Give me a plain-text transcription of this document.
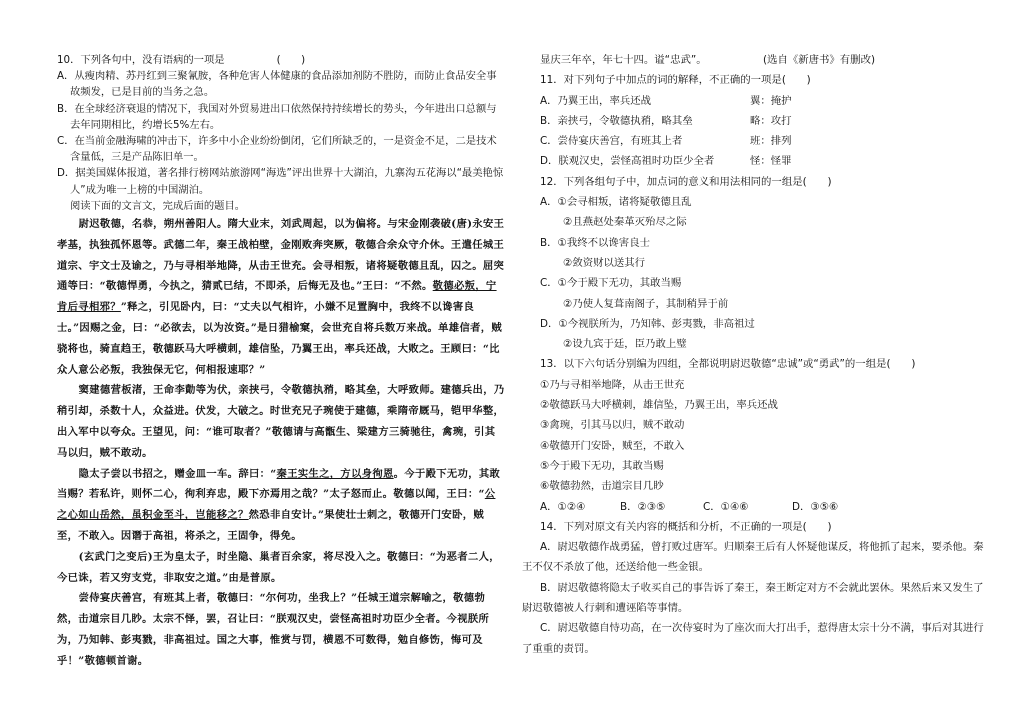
10．下列各句中，没有语病的一项是	(　　)
A．从瘦肉精、苏丹红到三聚氰胺，各种危害人体健康的食品添加剂防不胜防，而防止食品安全事故频发，已是目前的当务之急。
B．在全球经济衰退的情况下，我国对外贸易进出口依然保持持续增长的势头，今年进出口总额与去年同期相比，约增长5%左右。
C．在当前金融海啸的冲击下，许多中小企业纷纷倒闭，它们所缺乏的，一是资金不足，二是技术含量低，三是产品陈旧单一。
D．据美国媒体报道，著名排行榜网站旅游网“海选”评出世界十大湖泊，九寨沟五花海以“最美艳惊人”成为唯一上榜的中国湖泊。
阅读下面的文言文，完成后面的题目。

尉迟敬德，名恭，朔州善阳人。隋大业末，刘武周起，以为偏将。与宋金刚袭破(唐)永安王孝基，执独孤怀恩等。武德二年，秦王战柏壁，金刚败奔突厥，敬德合余众守介休。王遣任城王道宗、宇文士及谕之，乃与寻相举地降，从击王世充。会寻相叛，诸将疑敬德且乱，囚之。屈突通等曰：“敬德悍勇，今执之，猜贰已结，不即杀，后悔无及也。”王曰：“不然。敬德必叛，宁肯后寻相邪？”释之，引见卧内，曰：“丈夫以气相许，小嫌不足置胸中，我终不以谗害良士。”因赐之金，曰：“必欲去，以为汝资。”是日猎榆窠，会世充自将兵数万来战。单雄信者，贼骁将也，骑直趋王，敬德跃马大呼横刺，雄信坠，乃翼王出，率兵还战，大败之。王顾曰：“比众人意公必叛，我独保无它，何相报速耶？”

窦建德营板渚，王命李勣等为伏，亲挟弓，令敬德执矟，略其垒，大呼致师。建德兵出，乃稍引却，杀数十人，众益进。伏发，大破之。时世充兄子琬使于建德，乘隋帝厩马，铠甲华整，出入军中以夸众。王望见，问：“谁可取者？”敬德请与高甑生、梁建方三骑驰往，禽琬，引其马以归，贼不敢动。

隐太子尝以书招之，赠金皿一车。辞曰：“秦王实生之，方以身徇恩。今于殿下无功，其敢当赐？若私许，则怀二心，徇利弃忠，殿下亦焉用之哉？”太子怒而止。敬德以闻，王曰：“公之心如山岳然，虽积金至斗，岂能移之？然恐非自安计。”果使壮士刺之，敬德开门安卧，贼至，不敢入。因谮于高祖，将杀之，王固争，得免。

(玄武门之变后)王为皇太子，时坐隐、巢者百余家，将尽没入之。敬德曰：“为恶者二人，今已诛，若又穷支党，非取安之道。”由是普原。

尝侍宴庆善宫，有班其上者，敬德曰：“尔何功，坐我上？”任城王道宗解喻之，敬德勃然，击道宗目几眇。太宗不怿，罢，召让曰：“朕观汉史，尝怪高祖时功臣少全者。今视朕所为，乃知韩、彭夷戮，非高祖过。国之大事，惟赏与罚，横恩不可数得，勉自修饬，悔可及乎！”敬德顿首谢。

显庆三年卒，年七十四。谥“忠武”。	(选自《新唐书》有删改)
11．对下列句子中加点的词的解释，不正确的一项是(　　)
A．乃翼王出，率兵还战	翼：掩护
B．亲挟弓，令敬德执矟，略其垒	略：攻打
C．尝侍宴庆善宫，有班其上者	班：排列
D．朕观汉史，尝怪高祖时功臣少全者	怪：怪罪
12．下列各组句子中，加点词的意义和用法相同的一组是(　　)
A．①会寻相叛，诸将疑敬德且乱
②且燕赵处秦革灭殆尽之际
B．①我终不以谗害良士
②敛资财以送其行
C．①今于殿下无功，其敢当赐
②乃使人复葺南阁子，其制稍异于前
D．①今视朕所为，乃知韩、彭夷戮，非高祖过
②设九宾于廷，臣乃敢上璧
13．以下六句话分别编为四组，全都说明尉迟敬德“忠诚”或“勇武”的一组是(　　)
①乃与寻相举地降，从击王世充
②敬德跃马大呼横刺，雄信坠，乃翼王出，率兵还战
③禽琬，引其马以归，贼不敢动
④敬德开门安卧，贼至，不敢入
⑤今于殿下无功，其敢当赐
⑥敬德勃然，击道宗目几眇
A．①②④	B．②③⑤	C．①④⑥	D．③⑤⑥
14．下列对原文有关内容的概括和分析，不正确的一项是(　　)
A．尉迟敬德作战勇猛，曾打败过唐军。归顺秦王后有人怀疑他谋反，将他抓了起来，要杀他。秦王不仅不杀放了他，还送给他一些金银。
B．尉迟敬德将隐太子收买自己的事告诉了秦王，秦王断定对方不会就此罢休。果然后来又发生了尉迟敬德被人行刺和遭诬陷等事情。
C．尉迟敬德自恃功高，在一次侍宴时为了座次而大打出手，惹得唐太宗十分不满，事后对其进行了重重的责罚。
